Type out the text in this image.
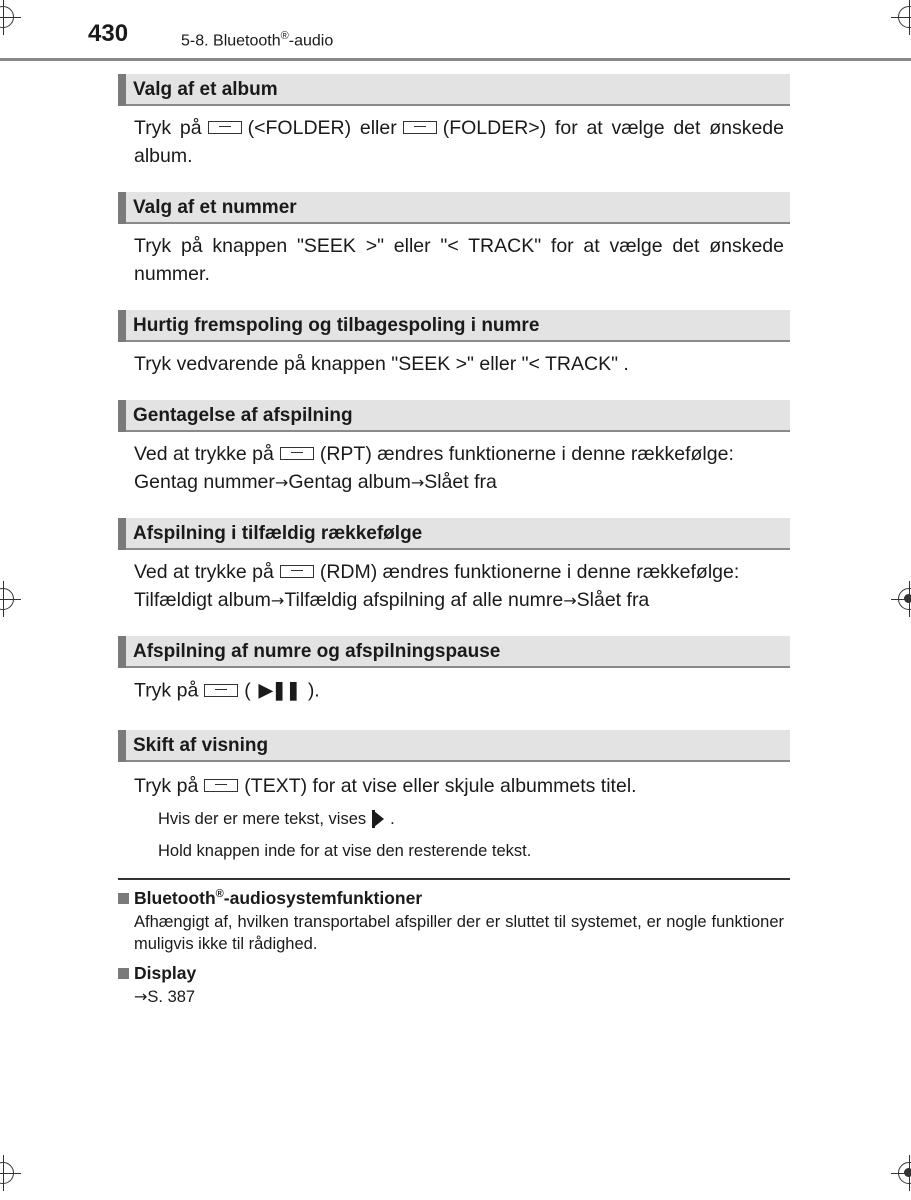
430	5-8. Bluetooth®-audio
Valg af et album
Tryk på (<FOLDER) eller (FOLDER>) for at vælge det ønskede album.
Valg af et nummer
Tryk på knappen "SEEK >" eller "< TRACK" for at vælge det ønskede nummer.
Hurtig fremspoling og tilbagespoling i numre
Tryk vedvarende på knappen "SEEK >" eller "< TRACK" .
Gentagelse af afspilning
Ved at trykke på (RPT) ændres funktionerne i denne rækkefølge:
Gentag nummer→Gentag album→Slået fra
Afspilning i tilfældig rækkefølge
Ved at trykke på (RDM) ændres funktionerne i denne rækkefølge:
Tilfældigt album→Tilfældig afspilning af alle numre→Slået fra
Afspilning af numre og afspilningspause
Tryk på ( ▶❚❚ ).
Skift af visning
Tryk på (TEXT) for at vise eller skjule albummets titel.
Hvis der er mere tekst, vises .
Hold knappen inde for at vise den resterende tekst.
Bluetooth®-audiosystemfunktioner
Afhængigt af, hvilken transportabel afspiller der er sluttet til systemet, er nogle funktioner muligvis ikke til rådighed.
Display
→S. 387
